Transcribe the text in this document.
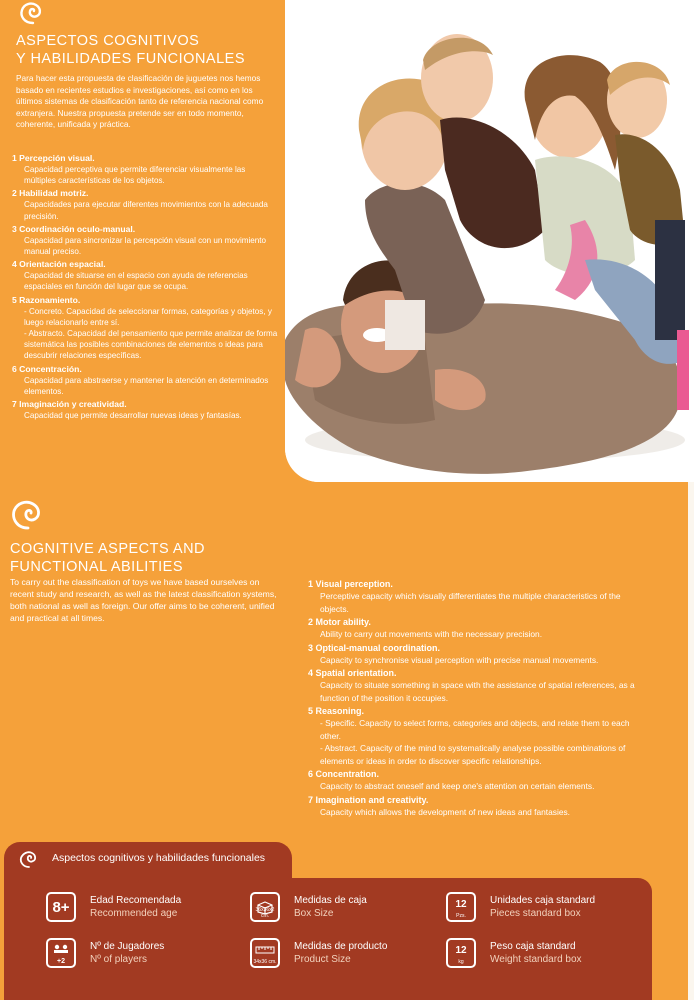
ASPECTOS COGNITIVOS
Y HABILIDADES FUNCIONALES

Para hacer esta propuesta de clasificación de juguetes nos hemos basado en recientes estudios e investigaciones, así como en los últimos sistemas de clasificación tanto de referencia nacional como extranjera. Nuestra propuesta pretende ser en todo momento, coherente, unificada y práctica.

1 Percepción visual.
Capacidad perceptiva que permite diferenciar visualmente las múltiples características de los objetos.
2 Habilidad motriz.
Capacidades para ejecutar diferentes movimientos con la adecuada precisión.
3 Coordinación oculo-manual.
Capacidad para sincronizar la percepción visual con un movimiento manual preciso.
4 Orientación espacial.
Capacidad de situarse en el espacio con ayuda de referencias espaciales en función del lugar que se ocupa.
5 Razonamiento.
- Concreto. Capacidad de seleccionar formas, categorías y objetos, y luego relacionarlo entre sí.
- Abstracto. Capacidad del pensamiento que permite analizar de forma sistemática las posibles combinaciones de elementos o ideas para descubrir relaciones específicas.
6 Concentración.
Capacidad para abstraerse y mantener la atención en determinados elementos.
7 Imaginación y creatividad.
Capacidad que permite desarrollar nuevas ideas y fantasías.
COGNITIVE ASPECTS AND
FUNCTIONAL ABILITIES

To carry out the classification of toys we have based ourselves on recent study and research, as well as the latest classification systems, both national as well as foreign. Our offer aims to be coherent, unified and practical at all times.

1 Visual perception.
Perceptive capacity which visually differentiates the multiple characteristics of the objects.
2 Motor ability.
Ability to carry out movements with the necessary precision.
3 Optical-manual coordination.
Capacity to synchronise visual perception with precise manual movements.
4 Spatial orientation.
Capacity to situate something in space with the assistance of spatial references, as a function of the position it occupies.
5 Reasoning.
- Specific. Capacity to select forms, categories and objects, and relate them to each other.
- Abstract. Capacity of the mind to systematically analyse possible combinations of elements or ideas in order to discover specific relationships.
6 Concentration.
Capacity to abstract oneself and keep one's attention on certain elements.
7 Imagination and creativity.
Capacity which allows the development of new ideas and fantasies.
Aspectos cognitivos y habilidades funcionales
8+ Edad Recomendada
Recommended age	36x36x2 cm.
Medidas de caja
Box Size
12
Pzs.
Unidades caja standard
Pieces standard box
+2
Nº de Jugadores
Nº of players	34x36 cm.
Medidas de producto
Product Size
12
kg
Peso caja standard
Weight standard box
